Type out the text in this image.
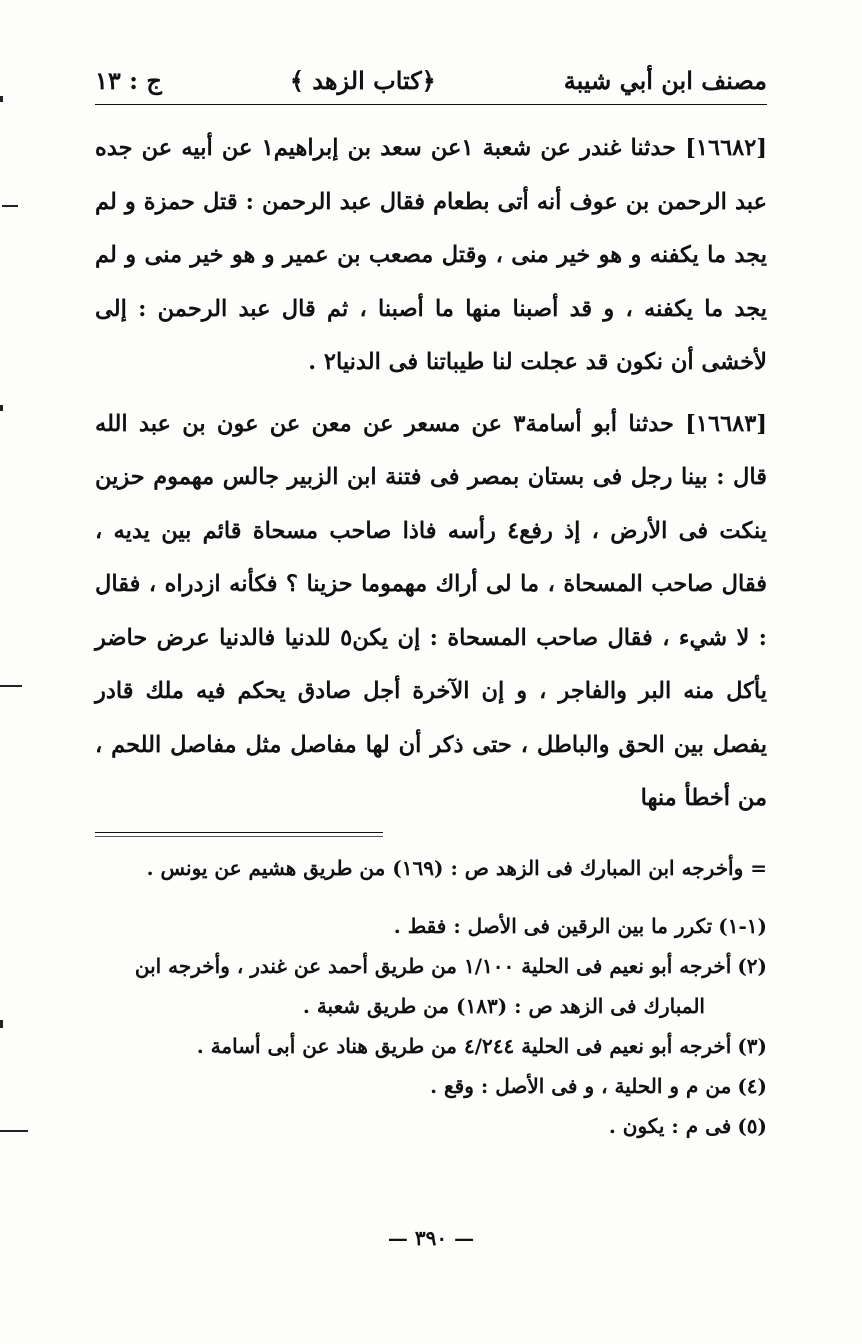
مصنف ابن أبي شيبة
﴿كتاب الزهد ﴾
ج : ١٣

[١٦٦٨٢] حدثنا غندر عن شعبة ١عن سعد بن إبراهيم١ عن أبيه عن جده عبد الرحمن بن عوف أنه أتى بطعام فقال عبد الرحمن : قتل حمزة و لم يجد ما يكفنه و هو خير منى ، وقتل مصعب بن عمير و هو خير منى و لم يجد ما يكفنه ، و قد أصبنا منها ما أصبنا ، ثم قال عبد الرحمن : إلى لأخشى أن نكون قد عجلت لنا طيباتنا فى الدنيا٢ .

[١٦٦٨٣] حدثنا أبو أسامة٣ عن مسعر عن معن عن عون بن عبد الله قال : بينا رجل فى بستان بمصر فى فتنة ابن الزبير جالس مهموم حزين ينكت فى الأرض ، إذ رفع٤ رأسه فاذا صاحب مسحاة قائم بين يديه ، فقال صاحب المسحاة ، ما لى أراك مهموما حزينا ؟ فكأنه ازدراه ، فقال : لا شيء ، فقال صاحب المسحاة : إن يكن٥ للدنيا فالدنيا عرض حاضر يأكل منه البر والفاجر ، و إن الآخرة أجل صادق يحكم فيه ملك قادر يفصل بين الحق والباطل ، حتى ذكر أن لها مفاصل مثل مفاصل اللحم ، من أخطأ منها

= وأخرجه ابن المبارك فى الزهد ص : (١٦٩) من طريق هشيم عن يونس .

(١-١)تكرر ما بين الرقين فى الأصل : فقط .

(٢)أخرجه أبو نعيم فى الحلية ١/١٠٠ من طريق أحمد عن غندر ، وأخرجه ابن

المبارك فى الزهد ص : (١٨٣) من طريق شعبة .

(٣)أخرجه أبو نعيم فى الحلية ٤/٢٤٤ من طريق هناد عن أبى أسامة .

(٤)من م و الحلية ، و فى الأصل : وقع .

(٥)فى م : يكون .

— ٣٩٠ —
